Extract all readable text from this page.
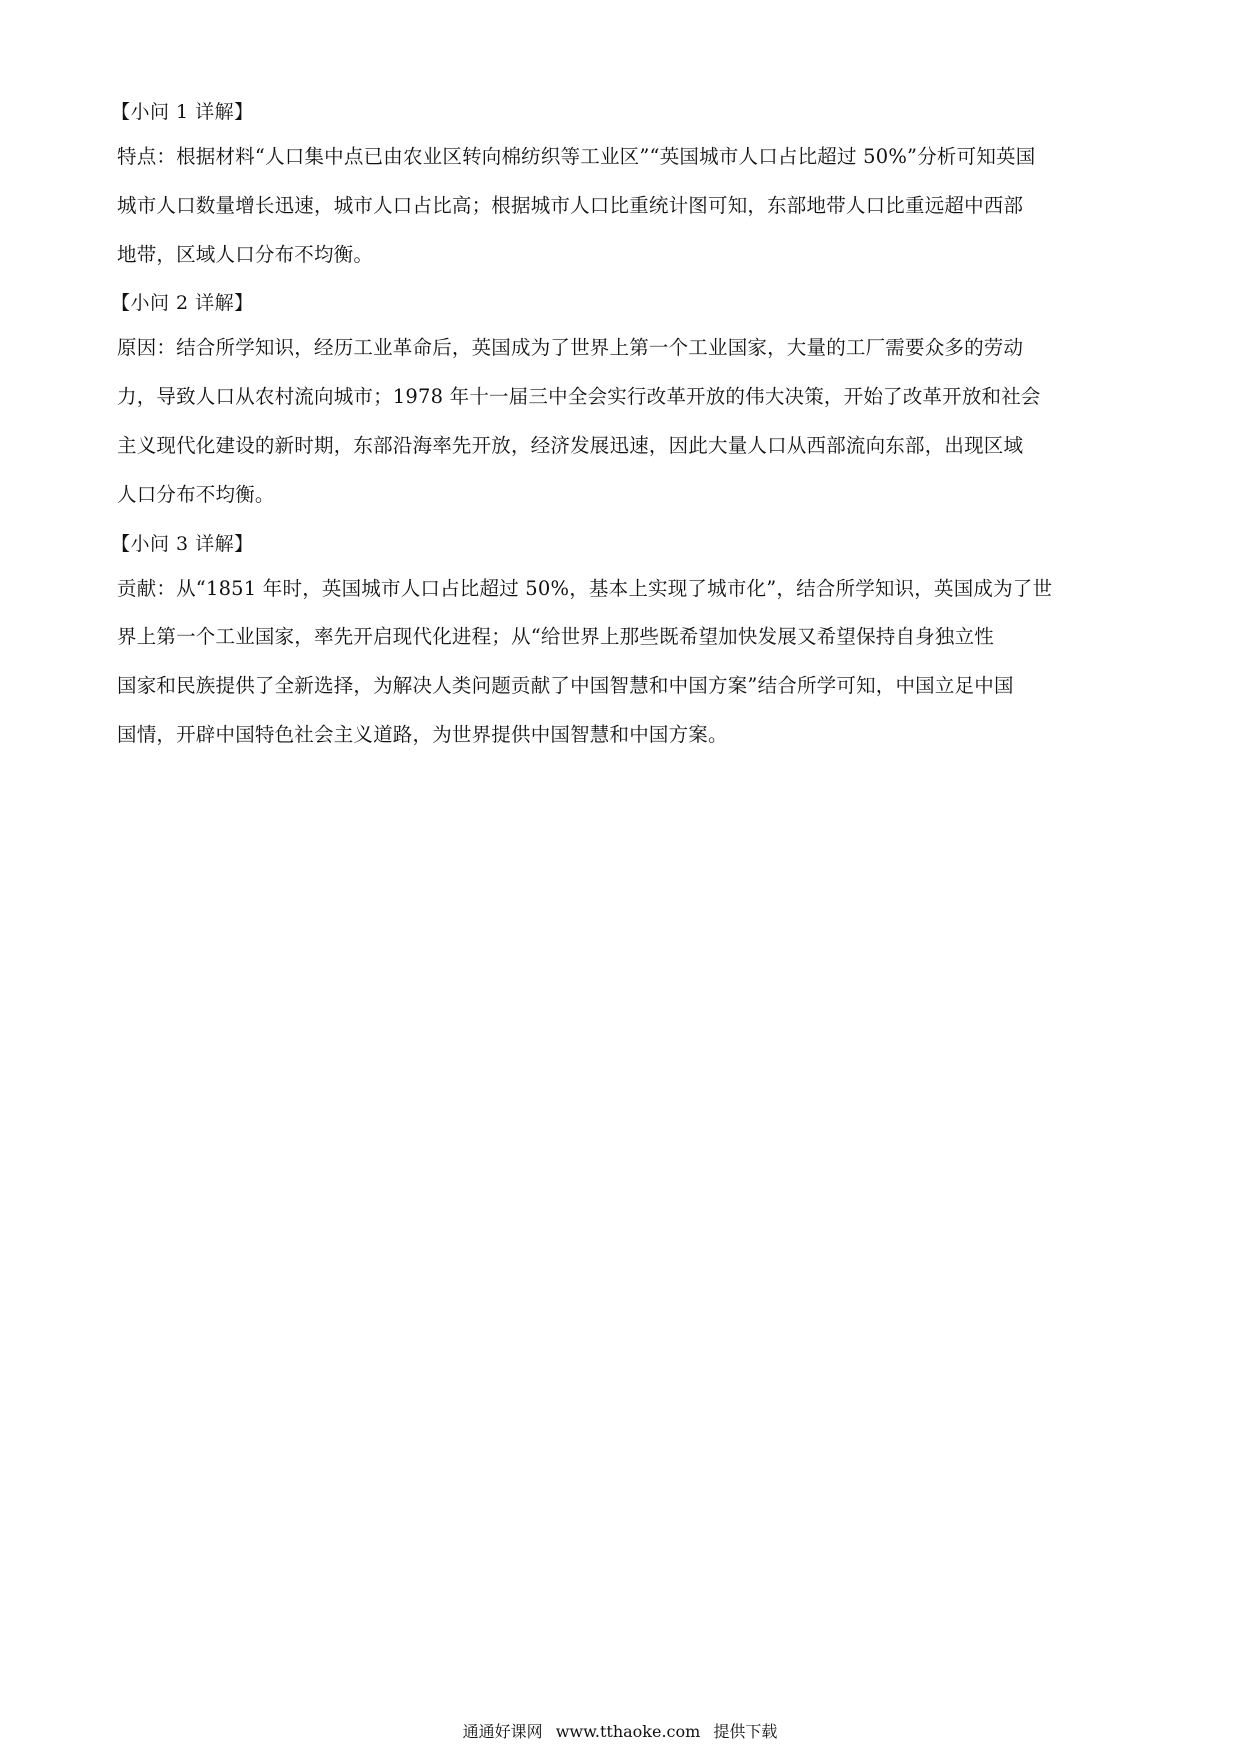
【小问 1 详解】
特点：根据材料“人口集中点已由农业区转向棉纺织等工业区”“英国城市人口占比超过 50%”分析可知英国
城市人口数量增长迅速，城市人口占比高；根据城市人口比重统计图可知，东部地带人口比重远超中西部
地带，区域人口分布不均衡。
【小问 2 详解】
原因：结合所学知识，经历工业革命后，英国成为了世界上第一个工业国家，大量的工厂需要众多的劳动
力，导致人口从农村流向城市；1978 年十一届三中全会实行改革开放的伟大决策，开始了改革开放和社会
主义现代化建设的新时期，东部沿海率先开放，经济发展迅速，因此大量人口从西部流向东部，出现区域
人口分布不均衡。
【小问 3 详解】
贡献：从“1851 年时，英国城市人口占比超过 50%，基本上实现了城市化”，结合所学知识，英国成为了世
界上第一个工业国家，率先开启现代化进程；从“给世界上那些既希望加快发展又希望保持自身独立性
国家和民族提供了全新选择，为解决人类问题贡献了中国智慧和中国方案”结合所学可知，中国立足中国
国情，开辟中国特色社会主义道路，为世界提供中国智慧和中国方案。
通通好课网 www.tthaoke.com 提供下载
